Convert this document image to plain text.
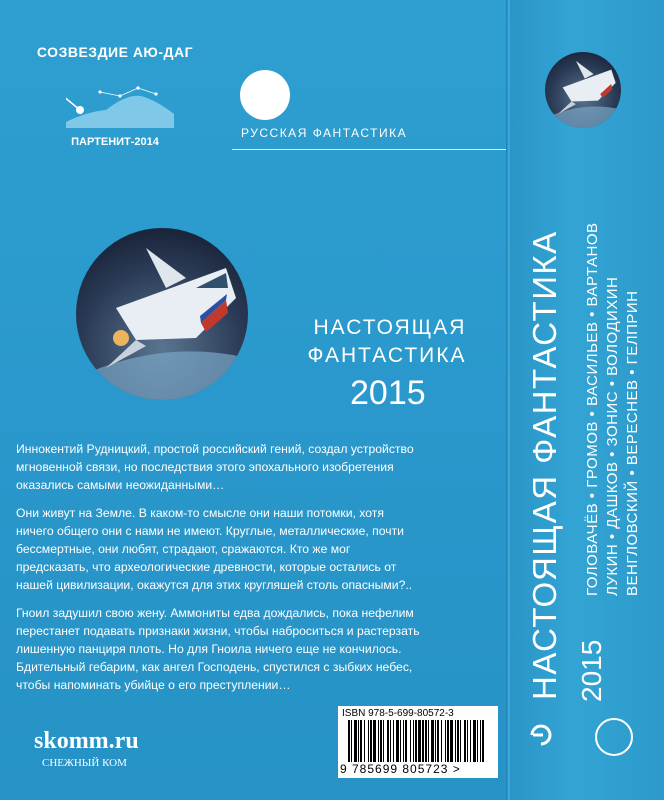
СОЗВЕЗДИЕ АЮ-ДАГ
ПАРТЕНИТ-2014
РУССКАЯ ФАНТАСТИКА
НАСТОЯЩАЯ
ФАНТАСТИКА
2015
Иннокентий Рудницкий, простой российский гений, создал устройство
мгновенной связи, но последствия этого эпохального изобретения
оказались самыми неожиданными…
Они живут на Земле. В каком-то смысле они наши потомки, хотя
ничего общего они с нами не имеют. Круглые, металлические, почти
бессмертные, они любят, страдают, сражаются. Кто же мог
предсказать, что археологические древности, которые остались от
нашей цивилизации, окажутся для этих кругляшей столь опасными?..
Гноил задушил свою жену. Аммониты едва дождались, пока нефелим
перестанет подавать признаки жизни, чтобы наброситься и растерзать
лишенную панциря плоть. Но для Гноила ничего еще не кончилось.
Бдительный гебарим, как ангел Господень, спустился с зыбких небес,
чтобы напоминать убийце о его преступлении…
skomm.ru
СНЕЖНЫЙ КОМ
ISBN 978-5-699-80572-3
9 785699 805723 >
НАСТОЯЩАЯ ФАНТАСТИКА 2015
ГОЛОВАЧЁВ • ГРОМОВ • ВАСИЛЬЕВ • ВАРТАНОВ ЛУКИН • ДАШКОВ • ЗОНИС • ВОЛОДИХИН ВЕНГЛОВСКИЙ • ВЕРЕСНЕВ • ГЕЛПРИН
